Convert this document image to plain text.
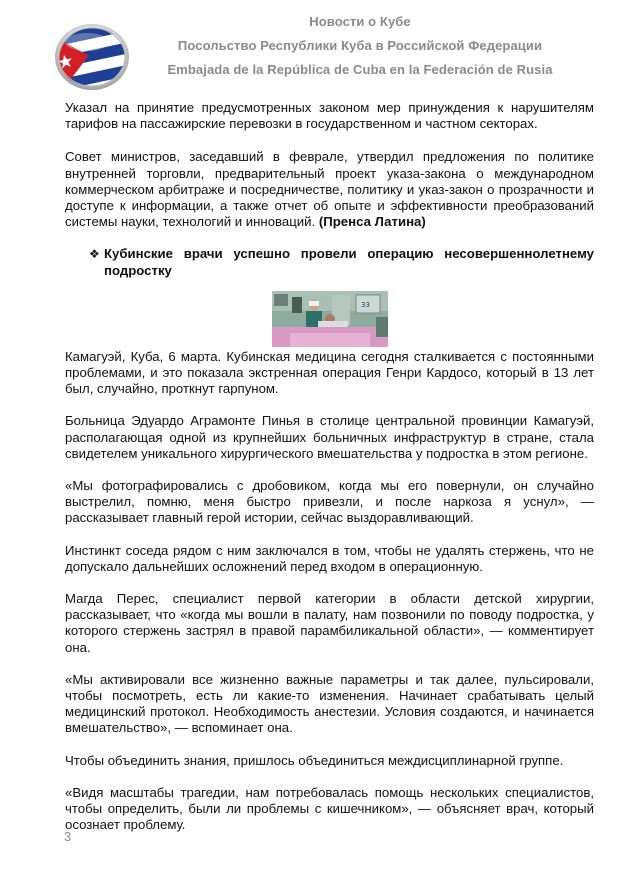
Новости о Кубе
Посольство Республики Куба в Российской Федерации
Embajada de la República de Cuba en la Federación de Rusia

Указал на принятие предусмотренных законом мер принуждения к нарушителям тарифов на пассажирские перевозки в государственном и частном секторах.

Совет министров, заседавший в феврале, утвердил предложения по политике внутренней торговли, предварительный проект указа-закона о международном коммерческом арбитраже и посредничестве, политику и указ-закон о прозрачности и доступе к информации, а также отчет об опыте и эффективности преобразований системы науки, технологий и инноваций. (Пренса Латина)

❖ Кубинские врачи успешно провели операцию несовершеннолетнему подростку
33

Камагуэй, Куба, 6 марта. Кубинская медицина сегодня сталкивается с постоянными проблемами, и это показала экстренная операция Генри Кардосо, который в 13 лет был, случайно, проткнут гарпуном.

Больница Эдуардо Аграмонте Пинья в столице центральной провинции Камагуэй, располагающая одной из крупнейших больничных инфраструктур в стране, стала свидетелем уникального хирургического вмешательства у подростка в этом регионе.

«Мы фотографировались с дробовиком, когда мы его повернули, он случайно выстрелил, помню, меня быстро привезли, и после наркоза я уснул», — рассказывает главный герой истории, сейчас выздоравливающий.

Инстинкт соседа рядом с ним заключался в том, чтобы не удалять стержень, что не допускало дальнейших осложнений перед входом в операционную.

Магда Перес, специалист первой категории в области детской хирургии, рассказывает, что «когда мы вошли в палату, нам позвонили по поводу подростка, у которого стержень застрял в правой парамбиликальной области», — комментирует она.

«Мы активировали все жизненно важные параметры и так далее, пульсировали, чтобы посмотреть, есть ли какие-то изменения. Начинает срабатывать целый медицинский протокол. Необходимость анестезии. Условия создаются, и начинается вмешательство», — вспоминает она.

Чтобы объединить знания, пришлось объединиться междисциплинарной группе.

«Видя масштабы трагедии, нам потребовалась помощь нескольких специалистов, чтобы определить, были ли проблемы с кишечником», — объясняет врач, который осознает проблему.

3
